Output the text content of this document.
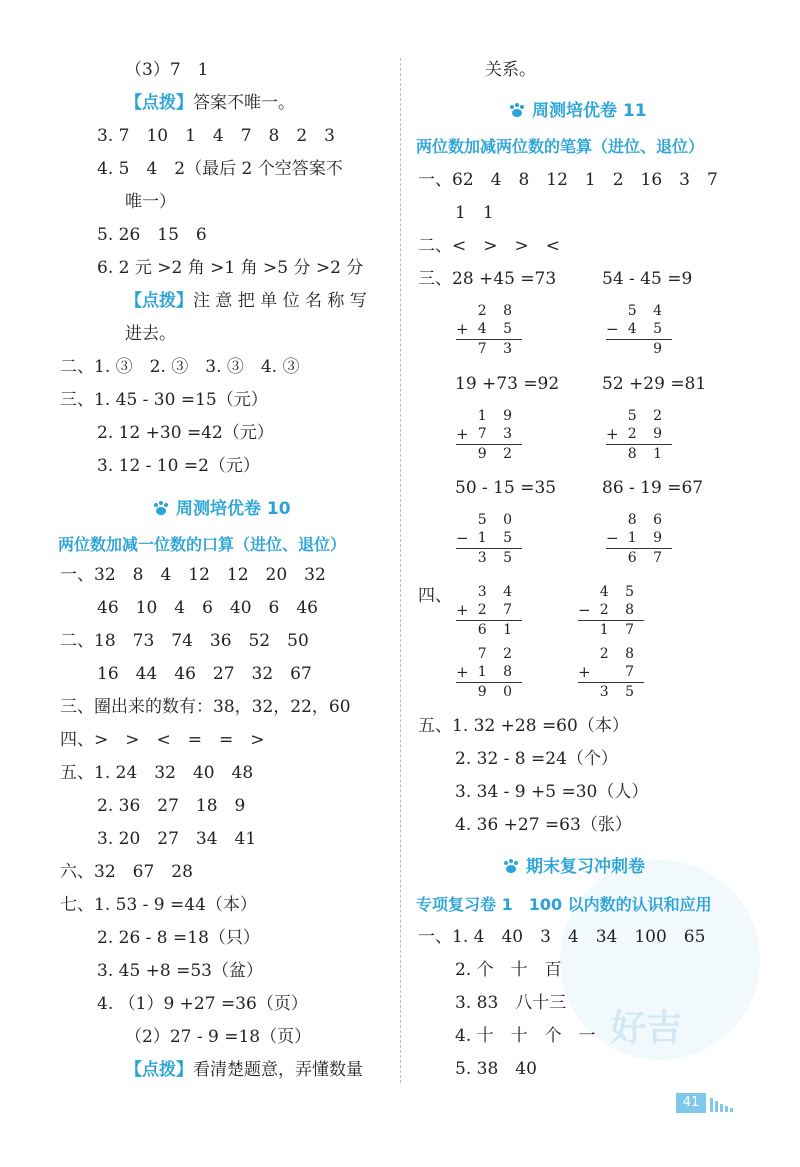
好吉
（3）7　1
【点拨】答案不唯一。
3. 7　10　1　4　7　8　2　3
4. 5　4　2（最后 2 个空答案不
唯一）
5. 26　15　6
6. 2 元 >2 角 >1 角 >5 分 >2 分
【点拨】注 意 把 单 位 名 称 写
进去。
二、1. ③　2. ③　3. ③　4. ③
三、1. 45 - 30 =15（元）
2. 12 +30 =42（元）
3. 12 - 10 =2（元）
周测培优卷 10
两位数加减一位数的口算（进位、退位）
一、32　8　4　12　12　20　32
46　10　4　6　40　6　46
二、18　73　74　36　52　50
16　44　46　27　32　67
三、圈出来的数有：38，32，22，60
四、>　>　<　=　=　>
五、1. 24　32　40　48
2. 36　27　18　9
3. 20　27　34　41
六、32　67　28
七、1. 53 - 9 =44（本）
2. 26 - 8 =18（只）
3. 45 +8 =53（盆）
4. （1）9 +27 =36（页）
（2）27 - 9 =18（页）
【点拨】看清楚题意，弄懂数量
关系。
周测培优卷 11
两位数加减两位数的笔算（进位、退位）
一、62　4　8　12　1　2　16　3　7
1　1
二、<　>　>　<
三、28 +45 =73	54 - 45 =9
2 8
+ 4 5
7 3
5 4
− 4 5
9
19 +73 =92	52 +29 =81
1 9
+ 7 3
9 2
5 2
+ 2 9
8 1
50 - 15 =35	86 - 19 =67
5 0
− 1 5
3 5
8 6
− 1 9
6 7
四、 3 4
+ 2 7
6 1
4 5
− 2 8
1 7
7 2
+ 1 8
9 0
2 8
+ 7
3 5
五、1. 32 +28 =60（本）
2. 32 - 8 =24（个）
3. 34 - 9 +5 =30（人）
4. 36 +27 =63（张）
期末复习冲刺卷
专项复习卷 1　100 以内数的认识和应用
一、1. 4　40　3　4　34　100　65
2. 个　十　百
3. 83　八十三
4. 十　十　个　一
5. 38　40
41
